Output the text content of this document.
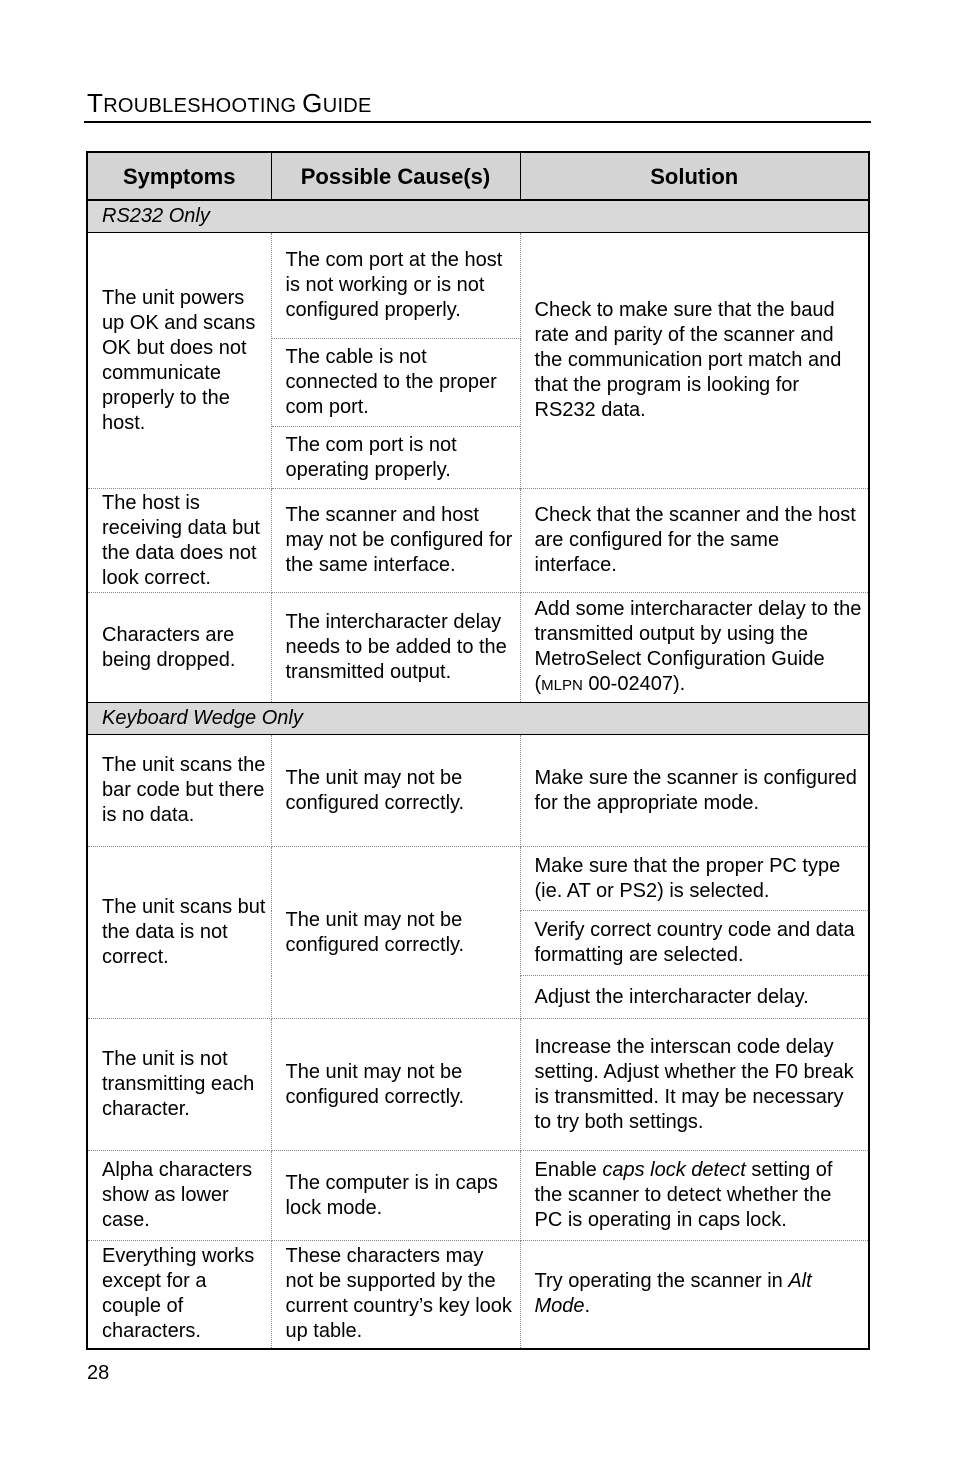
TROUBLESHOOTING GUIDE
Symptoms	Possible Cause(s)	Solution
RS232 Only		
The unit powers up OK and scans OK but does not communicate properly to the host.	The com port at the host is not working or is not configured properly.	Check to make sure that the baud rate and parity of the scanner and the communication port match and that the program is looking for RS232 data.
	The cable is not connected to the proper com port.	
	The com port is not operating properly.	
The host is receiving data but the data does not look correct.	The scanner and host may not be configured for the same interface.	Check that the scanner and the host are configured for the same interface.
Characters are being dropped.	The intercharacter delay needs to be added to the transmitted output.	Add some intercharacter delay to the transmitted output by using the MetroSelect Configuration Guide (MLPN 00-02407).
Keyboard Wedge Only		
The unit scans the bar code but there is no data.	The unit may not be configured correctly.	Make sure the scanner is configured for the appropriate mode.
The unit scans but the data is not correct.	The unit may not be configured correctly.	Make sure that the proper PC type (ie. AT or PS2) is selected.
		Verify correct country code and data formatting are selected.
		Adjust the intercharacter delay.
The unit is not transmitting each character.	The unit may not be configured correctly.	Increase the interscan code delay setting. Adjust whether the F0 break is transmitted. It may be necessary to try both settings.
Alpha characters show as lower case.	The computer is in caps lock mode.	Enable caps lock detect setting of the scanner to detect whether the PC is operating in caps lock.
Everything works except for a couple of characters.	These characters may not be supported by the current country’s key look up table.	Try operating the scanner in Alt Mode.
28
